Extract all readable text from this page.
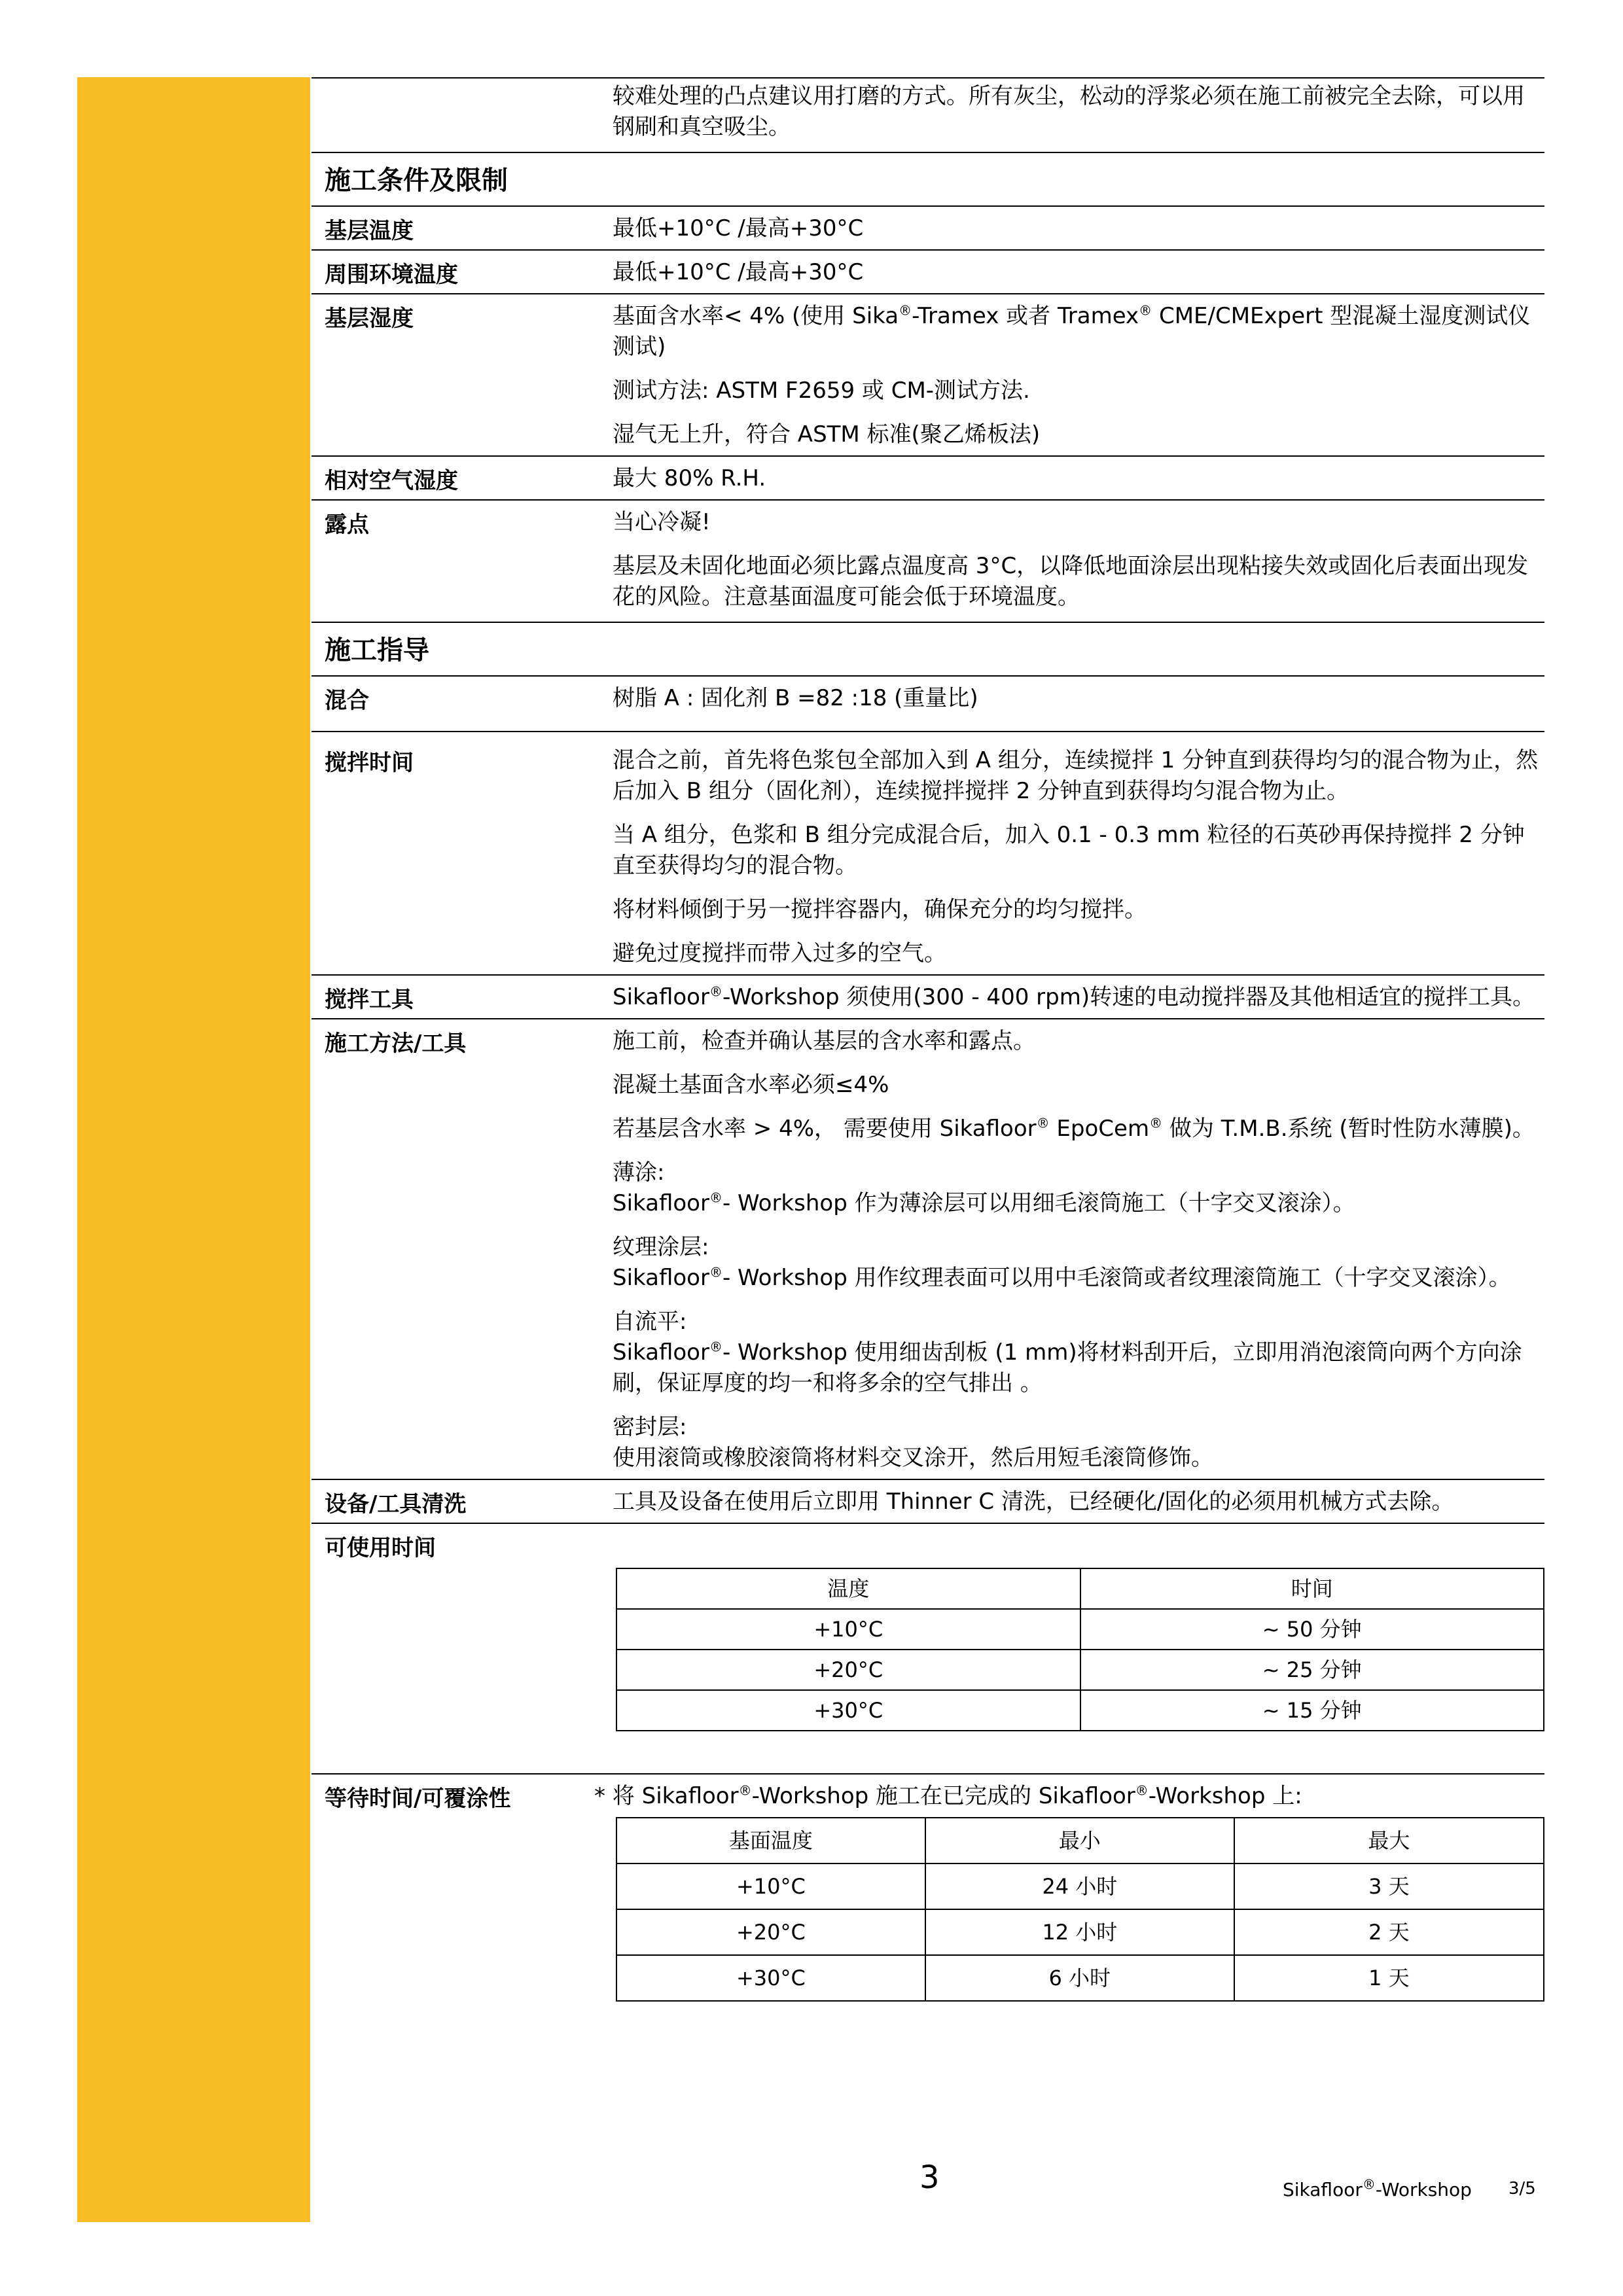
较难处理的凸点建议用打磨的方式。所有灰尘，松动的浮浆必须在施工前被完全去除，可以用钢刷和真空吸尘。
施工条件及限制
基层温度	最低+10°C /最高+30°C
周围环境温度	最低+10°C /最高+30°C
基层湿度	基面含水率< 4% (使用 Sika®-Tramex 或者 Tramex® CME/CMExpert 型混凝土湿度测试仪测试)

测试方法: ASTM F2659 或 CM-测试方法.

湿气无上升，符合 ASTM 标准(聚乙烯板法)

相对空气湿度	最大 80% R.H.
露点	当心冷凝!

基层及未固化地面必须比露点温度高 3°C，以降低地面涂层出现粘接失效或固化后表面出现发花的风险。注意基面温度可能会低于环境温度。

施工指导
混合	树脂 A : 固化剂 B =82 :18 (重量比)
搅拌时间	混合之前，首先将色浆包全部加入到 A 组分，连续搅拌 1 分钟直到获得均匀的混合物为止，然后加入 B 组分（固化剂），连续搅拌搅拌 2 分钟直到获得均匀混合物为止。

当 A 组分，色浆和 B 组分完成混合后，加入 0.1 - 0.3 mm 粒径的石英砂再保持搅拌 2 分钟直至获得均匀的混合物。

将材料倾倒于另一搅拌容器内，确保充分的均匀搅拌。

避免过度搅拌而带入过多的空气。

搅拌工具	Sikafloor®-Workshop 须使用(300 - 400 rpm)转速的电动搅拌器及其他相适宜的搅拌工具。
施工方法/工具	施工前，检查并确认基层的含水率和露点。

混凝土基面含水率必须≤4%

若基层含水率 > 4%， 需要使用 Sikafloor® EpoCem® 做为 T.M.B.系统 (暂时性防水薄膜)。

薄涂:
Sikafloor®- Workshop 作为薄涂层可以用细毛滚筒施工（十字交叉滚涂）。

纹理涂层:
Sikafloor®- Workshop 用作纹理表面可以用中毛滚筒或者纹理滚筒施工（十字交叉滚涂）。

自流平:
Sikafloor®- Workshop 使用细齿刮板 (1 mm)将材料刮开后，立即用消泡滚筒向两个方向涂刷，保证厚度的均一和将多余的空气排出 。

密封层:
使用滚筒或橡胶滚筒将材料交叉涂开，然后用短毛滚筒修饰。

设备/工具清洗	工具及设备在使用后立即用 Thinner C 清洗，已经硬化/固化的必须用机械方式去除。
可使用时间
温度	时间
+10°C	~ 50 分钟
+20°C	~ 25 分钟
+30°C	~ 15 分钟
等待时间/可覆涂性	* 将 Sikafloor®-Workshop 施工在已完成的 Sikafloor®-Workshop 上:
基面温度	最小	最大
+10°C	24 小时	3 天
+20°C	12 小时	2 天
+30°C	6 小时	1 天
3	Sikafloor®-Workshop 3/5
